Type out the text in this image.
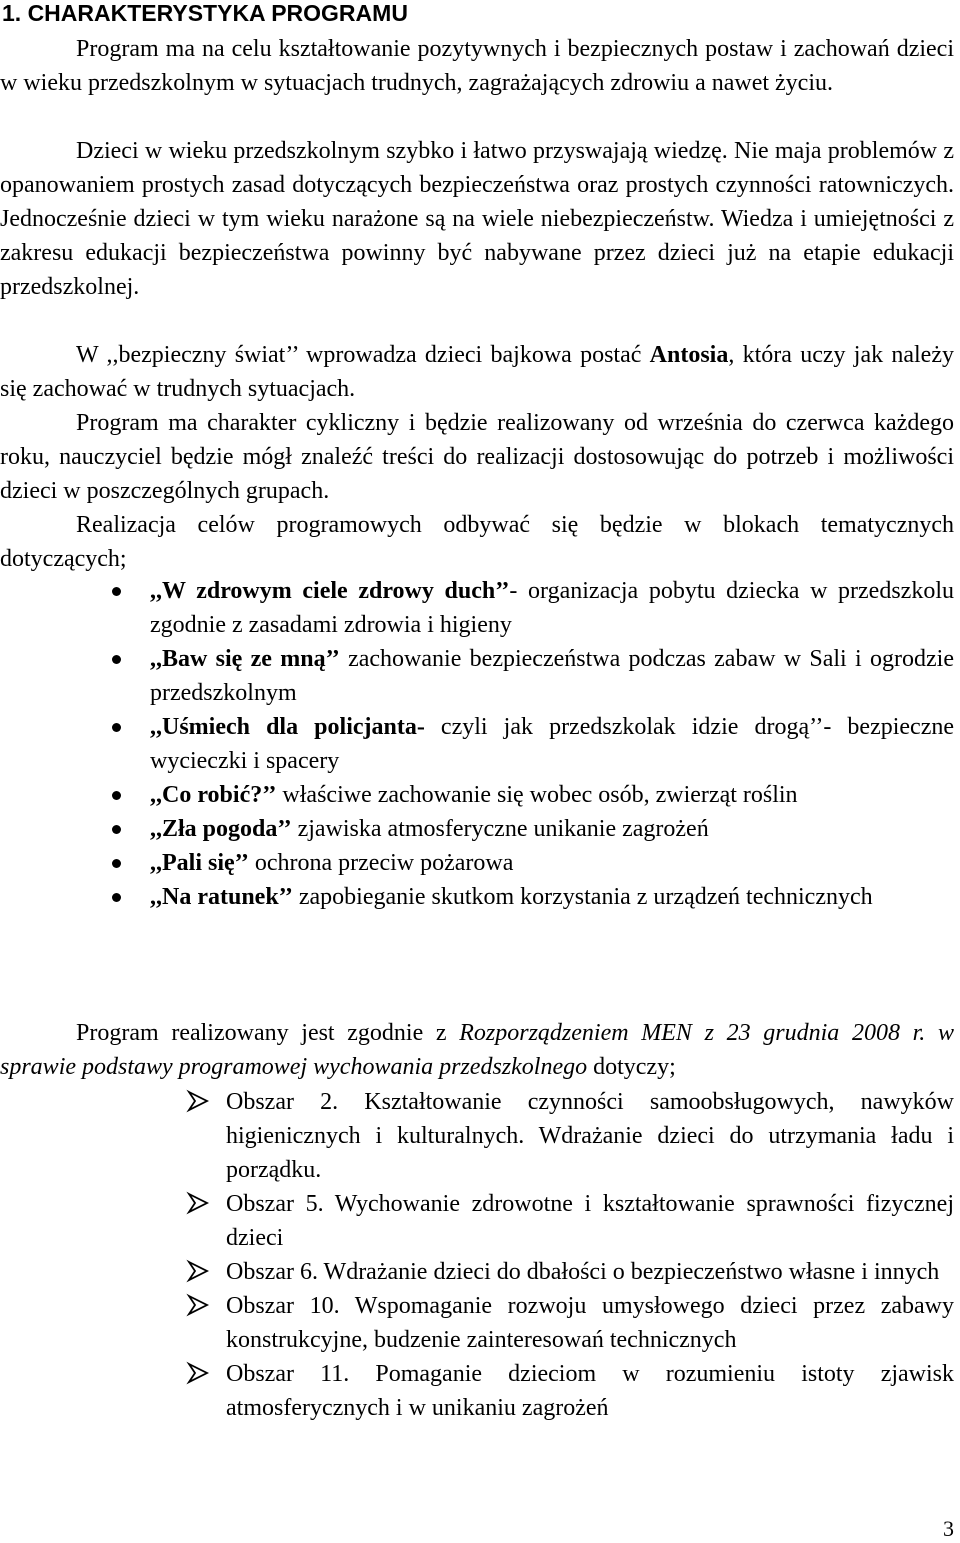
1. CHARAKTERYSTYKA PROGRAMU

Program ma na celu kształtowanie pozytywnych i bezpiecznych postaw i zachowań dzieci w wieku przedszkolnym w sytuacjach trudnych, zagrażających zdrowiu a nawet życiu.

Dzieci w wieku przedszkolnym szybko i łatwo przyswajają wiedzę. Nie maja problemów z opanowaniem prostych zasad dotyczących bezpieczeństwa oraz prostych czynności ratowniczych. Jednocześnie dzieci w tym wieku narażone są na wiele niebezpieczeństw. Wiedza i umiejętności z zakresu edukacji bezpieczeństwa powinny być nabywane przez dzieci już na etapie edukacji przedszkolnej.

W ,,bezpieczny świat’’ wprowadza dzieci bajkowa postać Antosia, która uczy jak należy się zachować w trudnych sytuacjach.

Program ma charakter cykliczny i będzie realizowany od września do czerwca każdego roku, nauczyciel będzie mógł znaleźć treści do realizacji dostosowując do potrzeb i możliwości dzieci w poszczególnych grupach.

Realizacja celów programowych odbywać się będzie w blokach tematycznych dotyczących;

,,W zdrowym ciele zdrowy duch’’- organizacja pobytu dziecka w przedszkolu zgodnie z zasadami zdrowia i higieny
,,Baw się ze mną’’ zachowanie bezpieczeństwa podczas zabaw w Sali i ogrodzie przedszkolnym
,,Uśmiech dla policjanta- czyli jak przedszkolak idzie drogą’’- bezpieczne wycieczki i spacery
,,Co robić?’’ właściwe zachowanie się wobec osób, zwierząt roślin
,,Zła pogoda’’ zjawiska atmosferyczne unikanie zagrożeń
,,Pali się’’ ochrona przeciw pożarowa
,,Na ratunek’’ zapobieganie skutkom korzystania z urządzeń technicznych

Program realizowany jest zgodnie z Rozporządzeniem MEN z 23 grudnia 2008 r. w sprawie podstawy programowej wychowania przedszkolnego dotyczy;

Obszar 2. Kształtowanie czynności samoobsługowych, nawyków higienicznych i kulturalnych. Wdrażanie dzieci do utrzymania ładu i porządku.
Obszar 5. Wychowanie zdrowotne i kształtowanie sprawności fizycznej dzieci
Obszar 6. Wdrażanie dzieci do dbałości o bezpieczeństwo własne i innych
Obszar 10. Wspomaganie rozwoju umysłowego dzieci przez zabawy konstrukcyjne, budzenie zainteresowań technicznych
Obszar 11. Pomaganie dzieciom w rozumieniu istoty zjawisk atmosferycznych i w unikaniu zagrożeń
3
